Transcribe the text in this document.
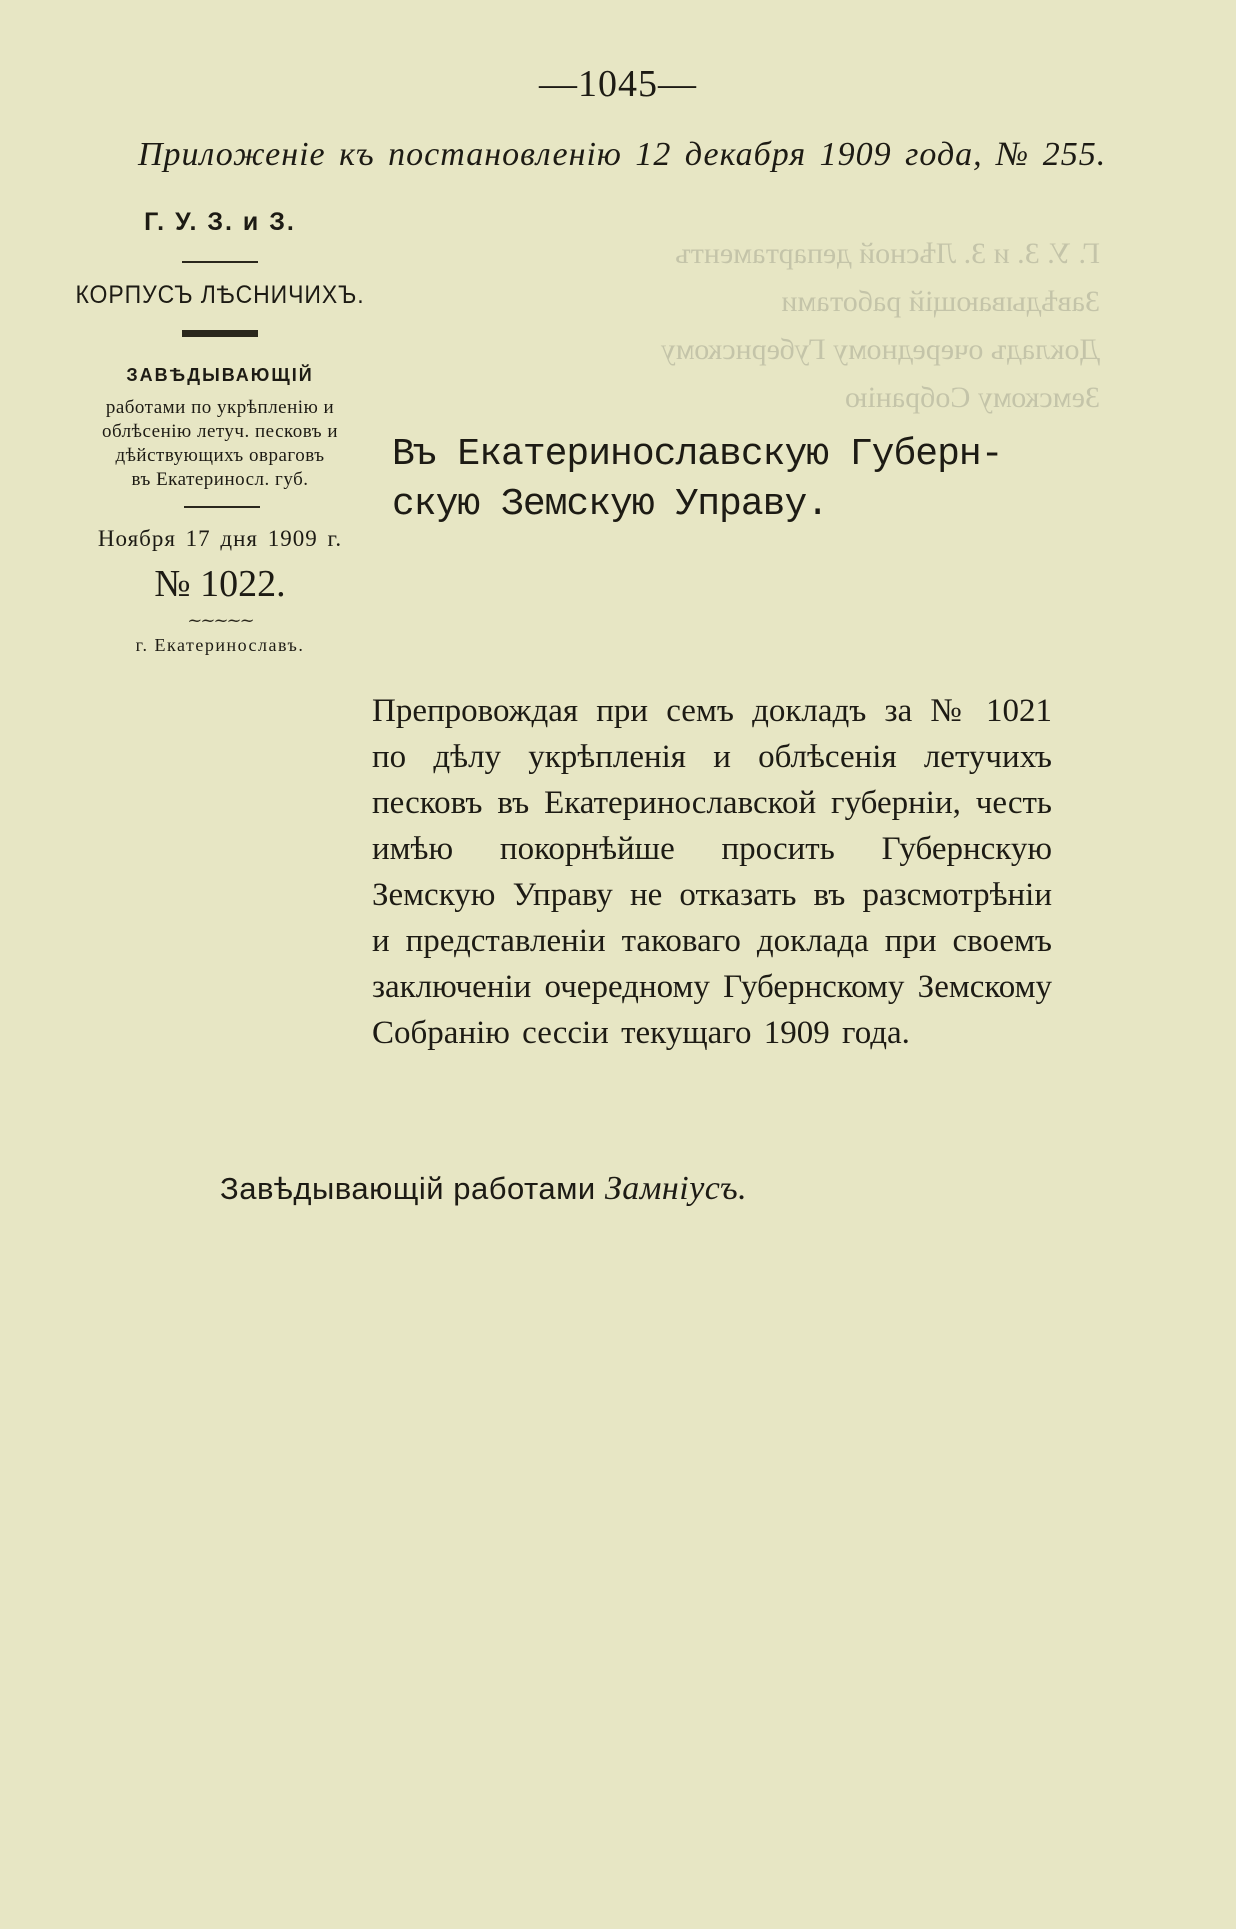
—1045—
Приложеніе къ постановленію 12 декабря 1909 года, № 255.
Г. У. З. и З.
КОРПУСЪ ЛѢСНИЧИХЪ.
ЗАВѢДЫВАЮЩІЙ
работами по укрѣпленію и
облѣсенію летуч. песковъ и
дѣйствующихъ овраговъ
въ Екатериносл. губ.
Ноября 17 дня 1909 г.
№ 1022.
~~~~~
г. Екатеринославъ.
Г. У. З. и З. Лѣсной департаментъ
Завѣдывающій работами
Докладъ очередному Губернскому
Земскому Собранію
Въ Екатеринославскую Губерн-
скую Земскую Управу.
Препровождая при семъ докладъ за № 1021 по дѣлу укрѣпленія и облѣсенія летучихъ песковъ въ Екатеринославской губерніи, честь имѣю покорнѣйше просить Губернскую Земскую Управу не отказать въ разсмотрѣніи и представленіи таковаго доклада при своемъ заключеніи очередному Губернскому Земскому Собранію сессіи текущаго 1909 года.
Завѣдывающій работами Замніусъ.
